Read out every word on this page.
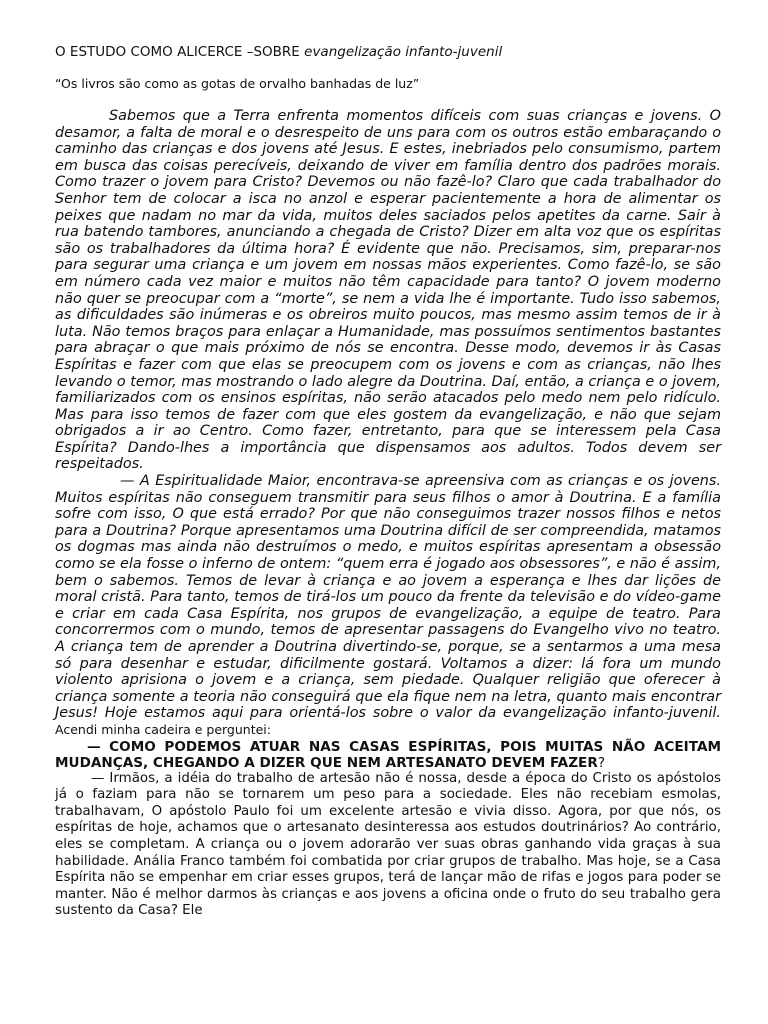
O ESTUDO COMO ALICERCE –SOBRE evangelização infanto-juvenil

“Os livros são como as gotas de orvalho banhadas de luz”

Sabemos que a Terra enfrenta momentos difíceis com suas crianças e jovens. O desamor, a falta de moral e o desrespeito de uns para com os outros estão embaraçando o caminho das crianças e dos jovens até Jesus. E estes, inebriados pelo consumismo, partem em busca das coisas perecíveis, deixando de viver em família dentro dos padrões morais. Como trazer o jovem para Cristo? Devemos ou não fazê-lo? Claro que cada trabalhador do Senhor tem de colocar a isca no anzol e esperar pacientemente a hora de alimentar os peixes que nadam no mar da vida, muitos deles saciados pelos apetites da carne. Sair à rua batendo tambores, anunciando a chegada de Cristo? Dizer em alta voz que os espíritas são os trabalhadores da última hora? É evidente que não. Precisamos, sim, preparar-nos para segurar uma criança e um jovem em nossas mãos experientes. Como fazê-lo, se são em número cada vez maior e muitos não têm capacidade para tanto? O jovem moderno não quer se preocupar com a “morte”, se nem a vida lhe é importante. Tudo isso sabemos, as dificuldades são inúmeras e os obreiros muito poucos, mas mesmo assim temos de ir à luta. Não temos braços para enlaçar a Humanidade, mas possuímos sentimentos bastantes para abraçar o que mais próximo de nós se encontra. Desse modo, devemos ir às Casas Espíritas e fazer com que elas se preocupem com os jovens e com as crianças, não lhes levando o temor, mas mostrando o lado alegre da Doutrina. Daí, então, a criança e o jovem, familiarizados com os ensinos espíritas, não serão atacados pelo medo nem pelo ridículo. Mas para isso temos de fazer com que eles gostem da evangelização, e não que sejam obrigados a ir ao Centro. Como fazer, entretanto, para que se interessem pela Casa Espírita? Dando-lhes a importância que dispensamos aos adultos. Todos devem ser respeitados.

— A Espiritualidade Maior, encontrava-se apreensiva com as crianças e os jovens. Muitos espíritas não conseguem transmitir para seus filhos o amor à Doutrina. E a família sofre com isso, O que está errado? Por que não conseguimos trazer nossos filhos e netos para a Doutrina? Porque apresentamos uma Doutrina difícil de ser compreendida, matamos os dogmas mas ainda não destruímos o medo, e muitos espíritas apresentam a obsessão como se ela fosse o inferno de ontem: “quem erra é jogado aos obsessores”, e não é assim, bem o sabemos. Temos de levar à criança e ao jovem a esperança e lhes dar lições de moral cristã. Para tanto, temos de tirá-los um pouco da frente da televisão e do vídeo-game e criar em cada Casa Espírita, nos grupos de evangelização, a equipe de teatro. Para concorrermos com o mundo, temos de apresentar passagens do Evangelho vivo no teatro. A criança tem de aprender a Doutrina divertindo-se, porque, se a sentarmos a uma mesa só para desenhar e estudar, dificilmente gostará. Voltamos a dizer: lá fora um mundo violento aprisiona o jovem e a criança, sem piedade. Qualquer religião que oferecer à criança somente a teoria não conseguirá que ela fique nem na letra, quanto mais encontrar Jesus! Hoje estamos aqui para orientá-los sobre o valor da evangelização infanto-juvenil. Acendi minha cadeira e perguntei:

— COMO PODEMOS ATUAR NAS CASAS ESPÍRITAS, POIS MUITAS NÃO ACEITAM MUDANÇAS, CHEGANDO A DIZER QUE NEM ARTESANATO DEVEM FAZER?

— Irmãos, a idéia do trabalho de artesão não é nossa, desde a época do Cristo os apóstolos já o faziam para não se tornarem um peso para a sociedade. Eles não recebiam esmolas, trabalhavam, O apóstolo Paulo foi um excelente artesão e vivia disso. Agora, por que nós, os espíritas de hoje, achamos que o artesanato desinteressa aos estudos doutrinários? Ao contrário, eles se completam. A criança ou o jovem adorarão ver suas obras ganhando vida graças à sua habilidade. Anália Franco também foi combatida por criar grupos de trabalho. Mas hoje, se a Casa Espírita não se empenhar em criar esses grupos, terá de lançar mão de rifas e jogos para poder se manter. Não é melhor darmos às crianças e aos jovens a oficina onde o fruto do seu trabalho gera sustento da Casa? Ele
